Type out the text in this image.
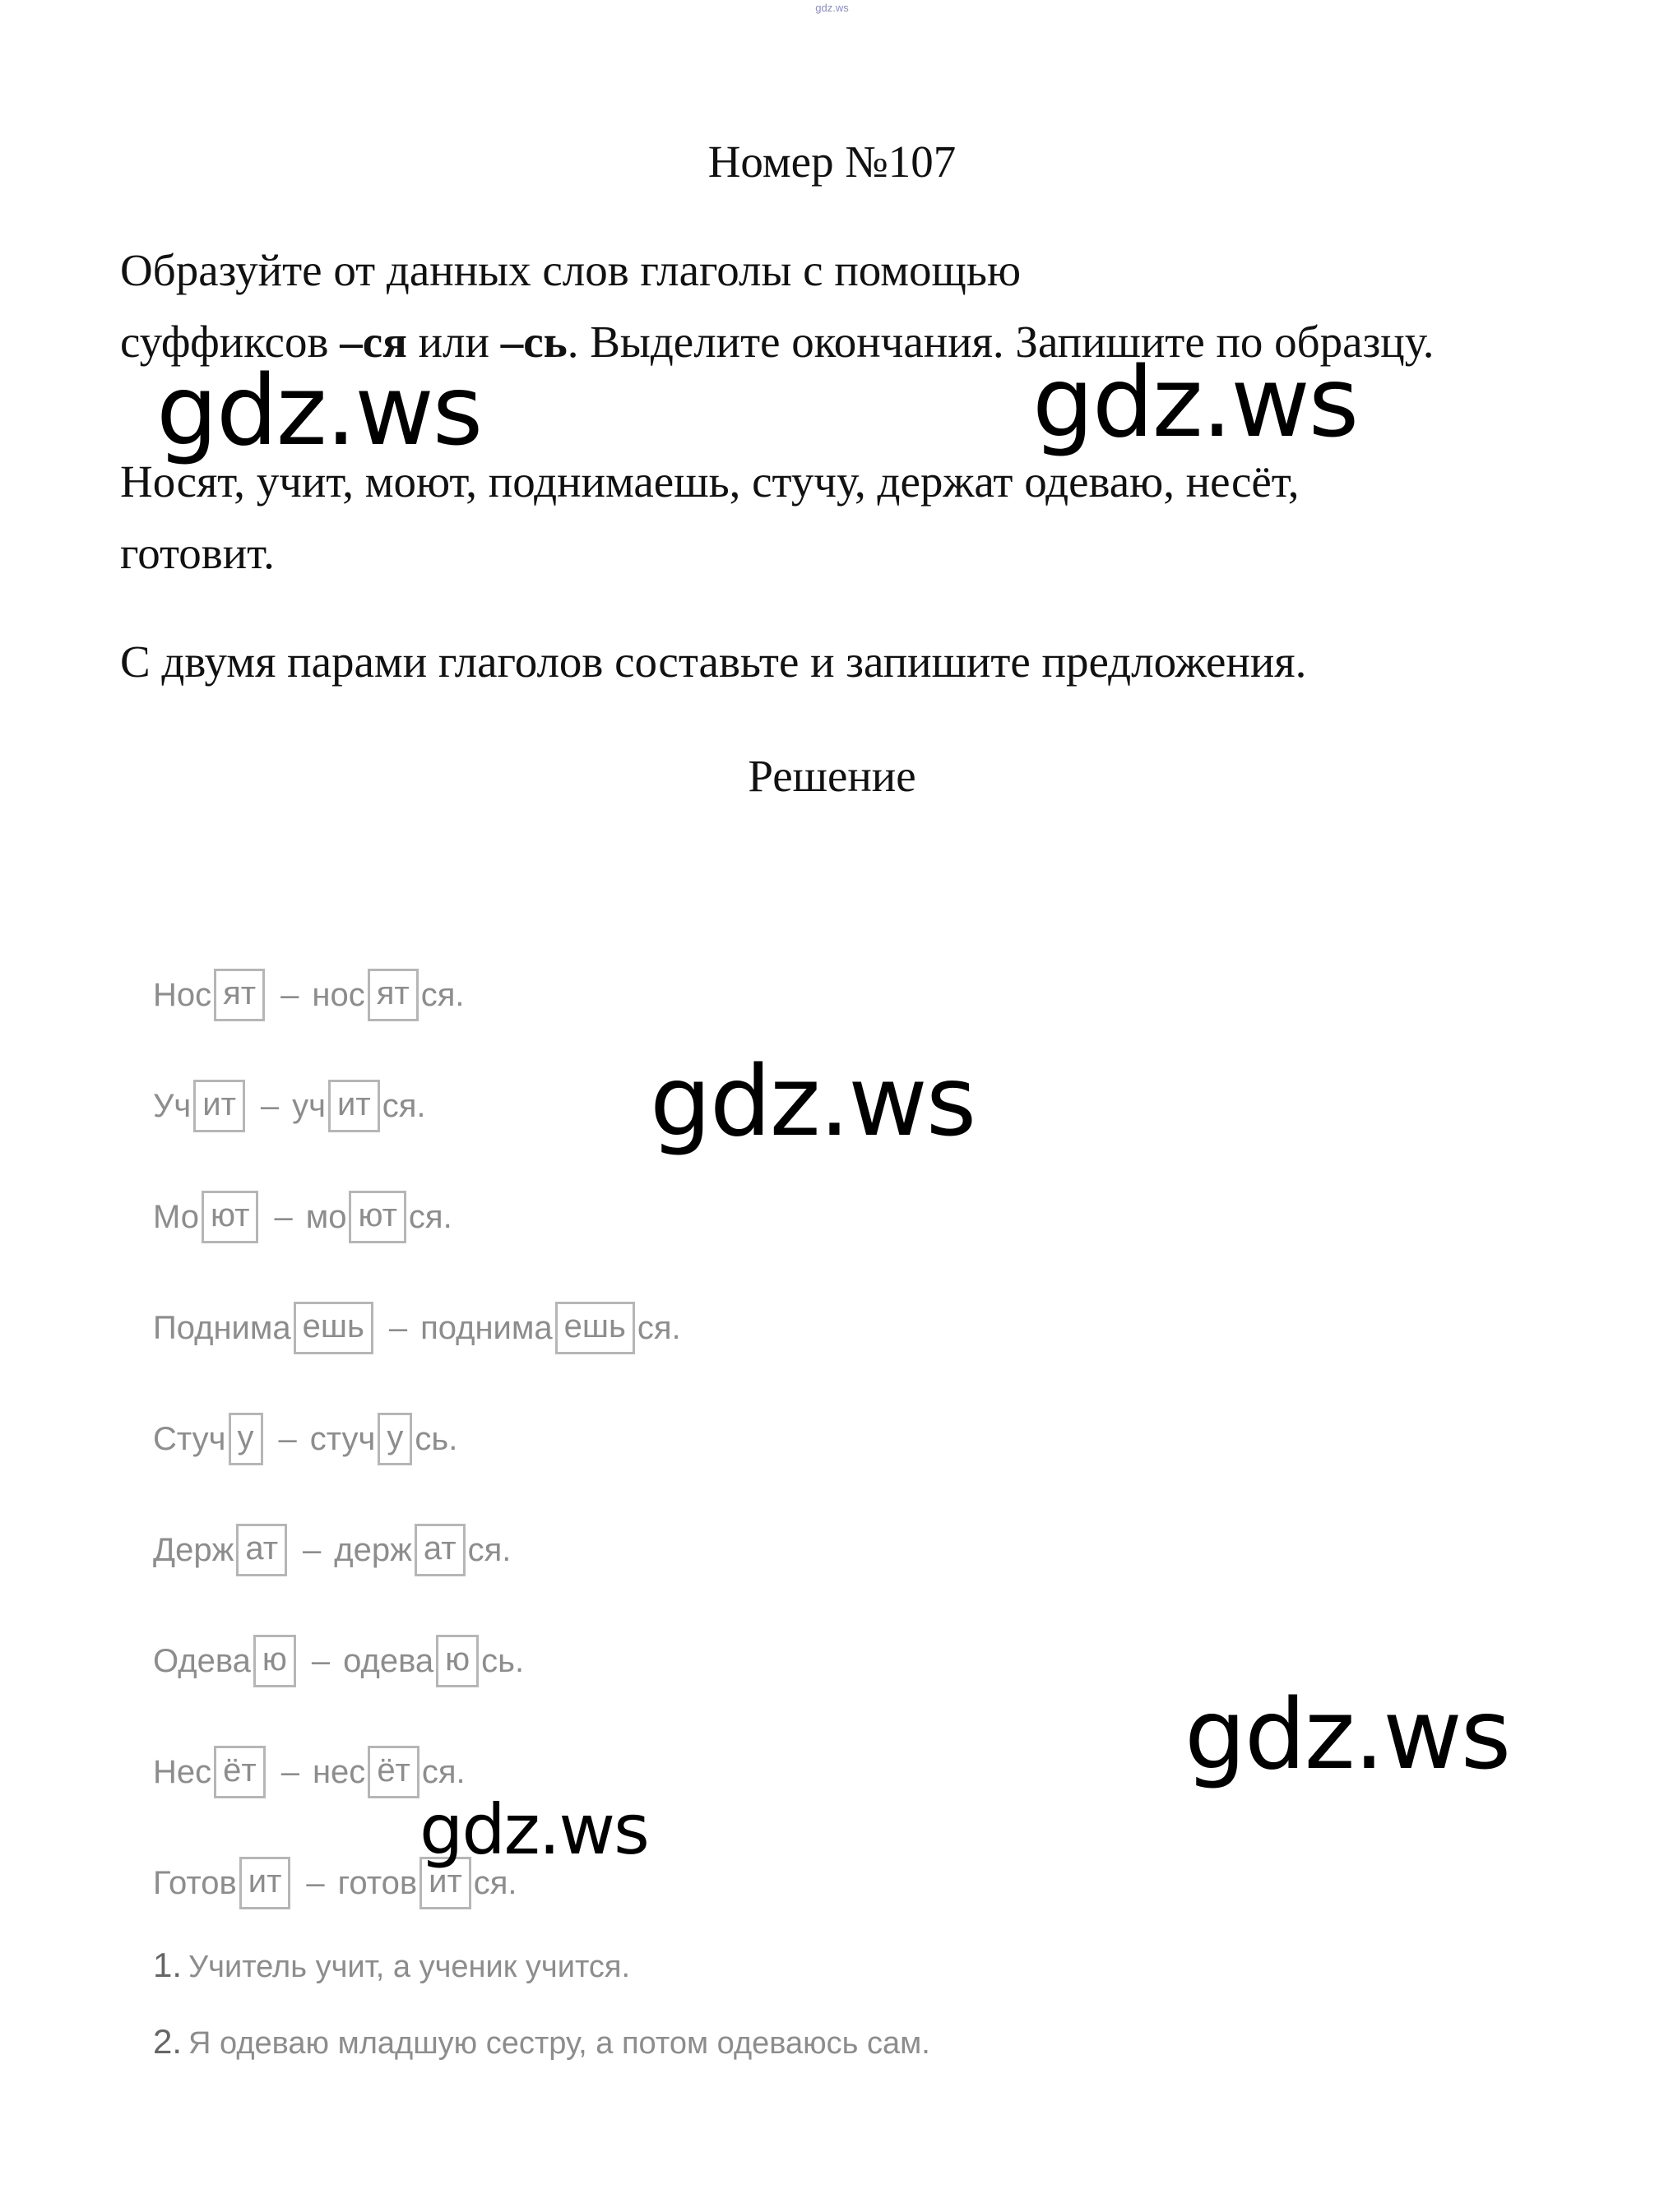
gdz.ws
Номер №107

Образуйте от данных слов глаголы с помощью
суффиксов –ся или –сь. Выделите окончания. Запишите по образцу.

Носят, учит, моют, поднимаешь, стучу, держат одеваю, несёт,
готовит.

С двумя парами глаголов составьте и запишите предложения.

Решение
Нос ят – нос ят ся.
Уч ит – уч ит ся.
Мо ют – мо ют ся.
Поднима ешь – поднима ешь ся.
Стуч у – стуч у сь.
Держ ат – держ ат ся.
Одева ю – одева ю сь.
Нес ёт – нес ёт ся.
Готов ит – готов ит ся.
1. Учитель учит, а ученик учится.
2. Я одеваю младшую сестру, а потом одеваюсь сам.
gdz.ws	gdz.ws
gdz.ws
gdz.ws
gdz.ws
